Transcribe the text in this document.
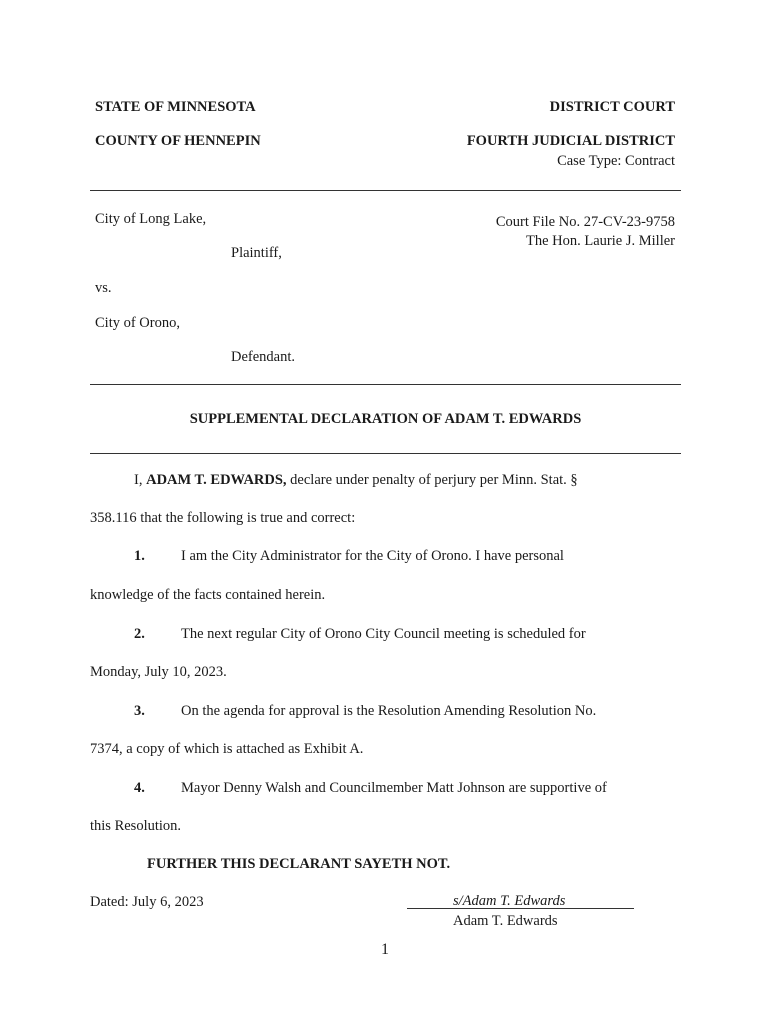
STATE OF MINNESOTA
COUNTY OF HENNEPIN
DISTRICT COURT
FOURTH JUDICIAL DISTRICT
Case Type: Contract
City of Long Lake,
Plaintiff,
vs.
City of Orono,
Defendant.
Court File No. 27-CV-23-9758
The Hon. Laurie J. Miller
SUPPLEMENTAL DECLARATION OF ADAM T. EDWARDS
I, ADAM T. EDWARDS, declare under penalty of perjury per Minn. Stat. §
358.116 that the following is true and correct:
1. I am the City Administrator for the City of Orono. I have personal
knowledge of the facts contained herein.
2. The next regular City of Orono City Council meeting is scheduled for
Monday, July 10, 2023.
3. On the agenda for approval is the Resolution Amending Resolution No.
7374, a copy of which is attached as Exhibit A.
4. Mayor Denny Walsh and Councilmember Matt Johnson are supportive of
this Resolution.
FURTHER THIS DECLARANT SAYETH NOT.
Dated: July 6, 2023	s/Adam T. Edwards
Adam T. Edwards
1
